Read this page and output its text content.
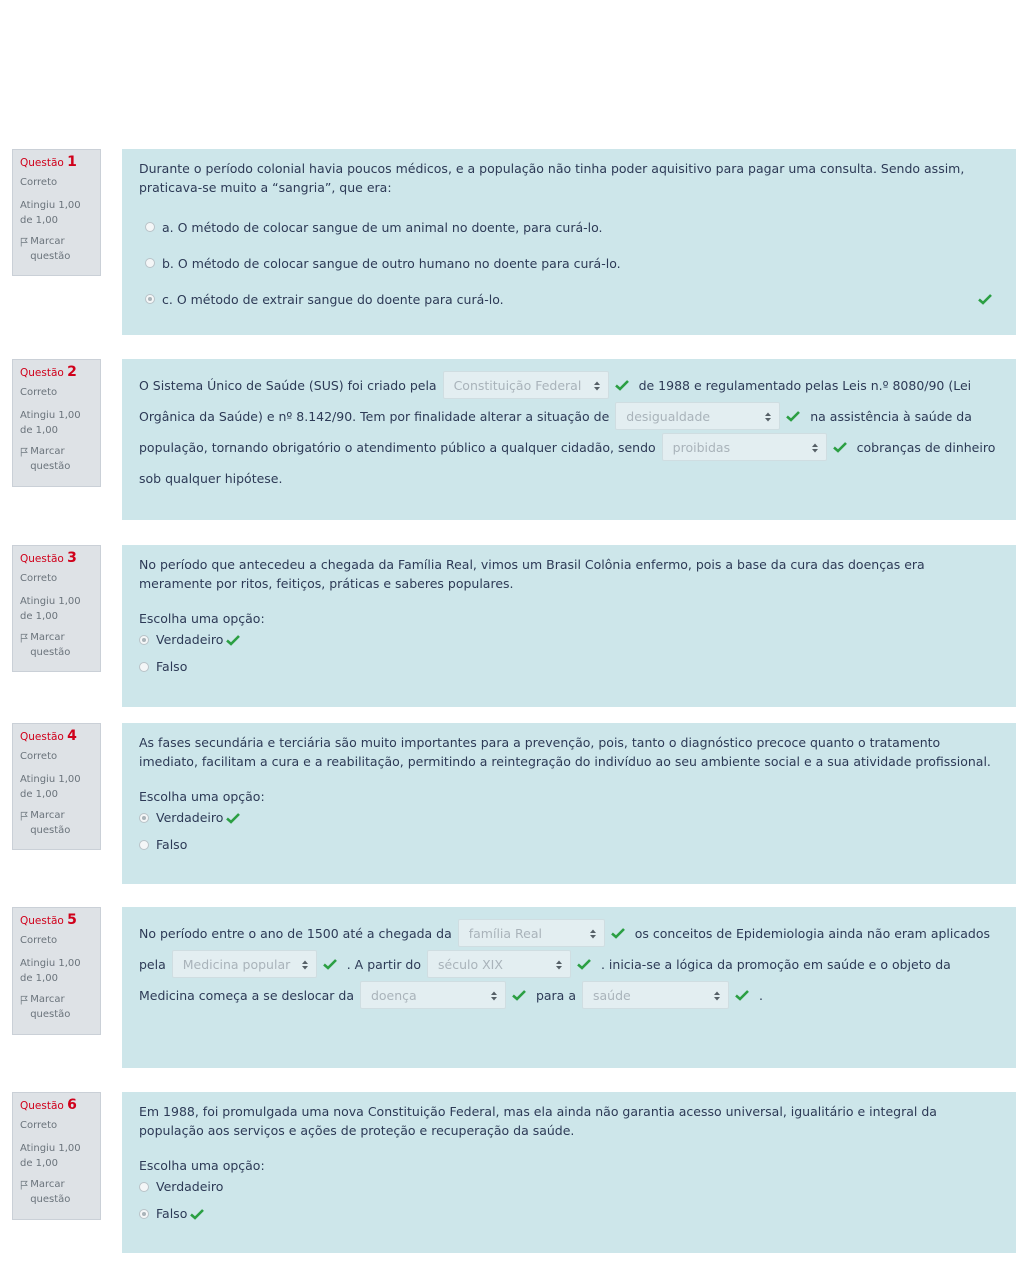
Questão 1
Correto
Atingiu 1,00 de 1,00
Marcar questão
Durante o período colonial havia poucos médicos, e a população não tinha poder aquisitivo para pagar uma consulta. Sendo assim, praticava-se muito a “sangria”, que era:
a. O método de colocar sangue de um animal no doente, para curá-lo.
b. O método de colocar sangue de outro humano no doente para curá-lo.
c. O método de extrair sangue do doente para curá-lo.
Questão 2
Correto
Atingiu 1,00 de 1,00
Marcar questão
O Sistema Único de Saúde (SUS) foi criado pela Constituição Federal	de 1988 e regulamentado pelas Leis n.º 8080/90 (Lei Orgânica da Saúde) e nº 8.142/90. Tem por finalidade alterar a situação de desigualdade	na assistência à saúde da população, tornando obrigatório o atendimento público a qualquer cidadão, sendo proibidas	cobranças de dinheiro sob qualquer hipótese.
Questão 3
Correto
Atingiu 1,00 de 1,00
Marcar questão
No período que antecedeu a chegada da Família Real, vimos um Brasil Colônia enfermo, pois a base da cura das doenças era meramente por ritos, feitiços, práticas e saberes populares.
Escolha uma opção:
Verdadeiro
Falso
Questão 4
Correto
Atingiu 1,00 de 1,00
Marcar questão
As fases secundária e terciária são muito importantes para a prevenção, pois, tanto o diagnóstico precoce quanto o tratamento imediato, facilitam a cura e a reabilitação, permitindo a reintegração do indivíduo ao seu ambiente social e a sua atividade profissional.
Escolha uma opção:
Verdadeiro
Falso
Questão 5
Correto
Atingiu 1,00 de 1,00
Marcar questão
No período entre o ano de 1500 até a chegada da família Real	os conceitos de Epidemiologia ainda não eram aplicados pela Medicina popular	. A partir do século XIX	. inicia-se a lógica da promoção em saúde e o objeto da Medicina começa a se deslocar da doença	para a saúde	.
Questão 6
Correto
Atingiu 1,00 de 1,00
Marcar questão
Em 1988, foi promulgada uma nova Constituição Federal, mas ela ainda não garantia acesso universal, igualitário e integral da população aos serviços e ações de proteção e recuperação da saúde.
Escolha uma opção:
Verdadeiro
Falso
